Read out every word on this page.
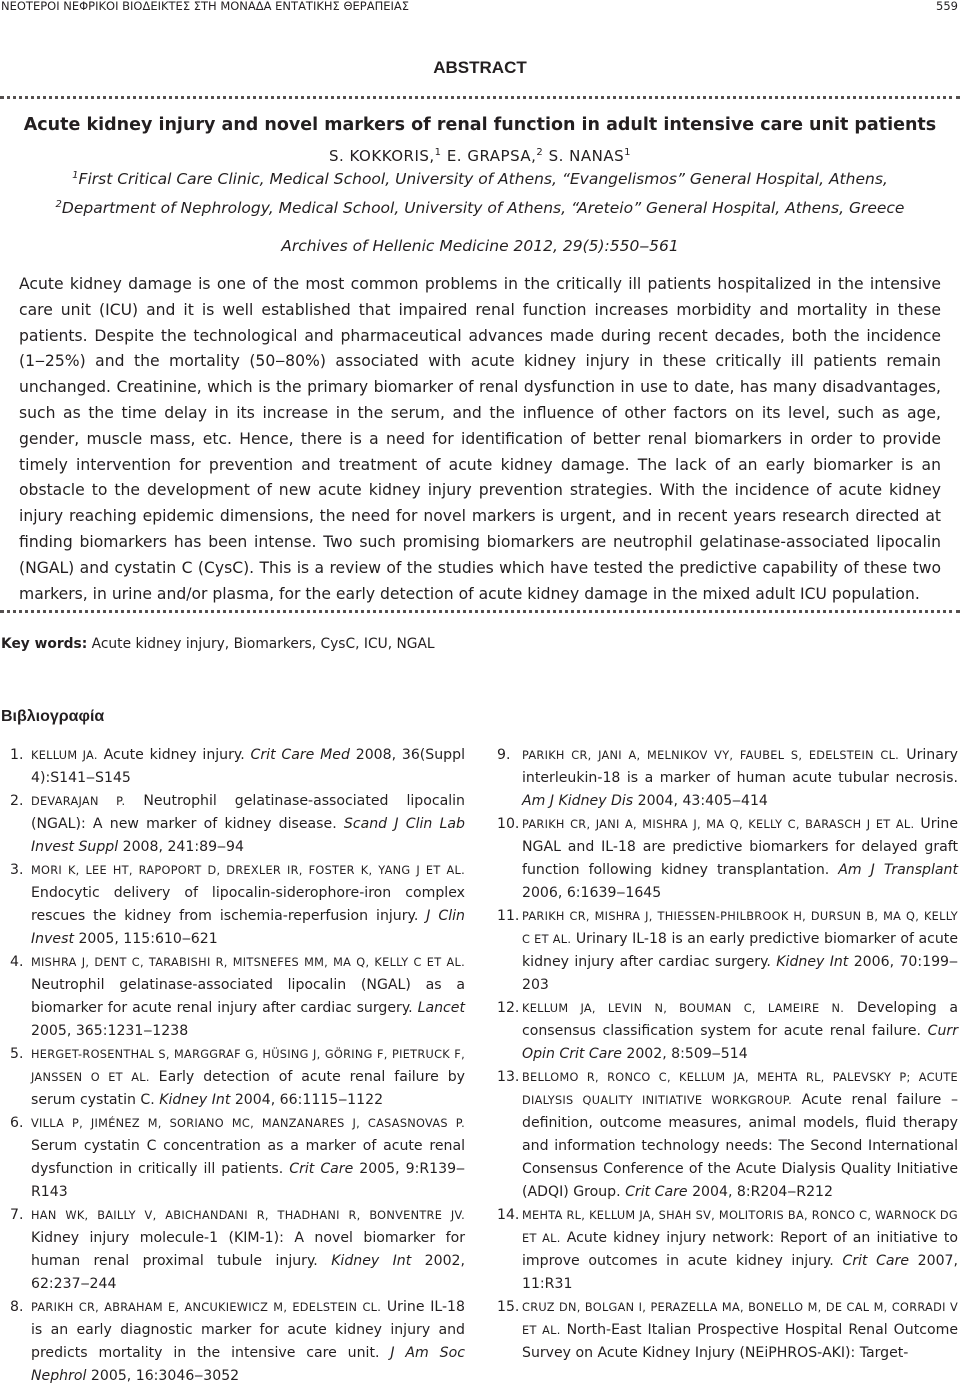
ΝΕΟΤΕΡΟΙ ΝΕΦΡΙΚΟΙ ΒΙΟΔΕΙΚΤΕΣ ΣΤΗ ΜΟΝΑΔΑ ΕΝΤΑΤΙΚΗΣ ΘΕΡΑΠΕΙΑΣ	559
ABSTRACT
Acute kidney injury and novel markers of renal function in adult intensive care unit patients
S. KOKKORIS,$^1$ E. GRAPSA,$^2$ S. NANAS$^1$
$^1$First Critical Care Clinic, Medical School, University of Athens, “Evangelismos” General Hospital, Athens,
$^2$Department of Nephrology, Medical School, University of Athens, “Areteio” General Hospital, Athens, Greece
Archives of Hellenic Medicine 2012, 29(5):550‒561

Acute kidney damage is one of the most common problems in the critically ill patients hospitalized in the intensive care unit (ICU) and it is well established that impaired renal function increases morbidity and mortality in these patients. Despite the technological and pharmaceutical advances made during recent decades, both the incidence (1‒25%) and the mortality (50‒80%) associated with acute kidney injury in these critically ill patients remain unchanged. Creatinine, which is the primary biomarker of renal dysfunction in use to date, has many disadvantages, such as the time delay in its increase in the serum, and the influence of other factors on its level, such as age, gender, muscle mass, etc. Hence, there is a need for identification of better renal biomarkers in order to provide timely intervention for prevention and treatment of acute kidney damage. The lack of an early biomarker is an obstacle to the development of new acute kidney injury prevention strategies. With the incidence of acute kidney injury reaching epidemic dimensions, the need for novel markers is urgent, and in recent years research directed at finding biomarkers has been intense. Two such promising biomarkers are neutrophil gelatinase-associated lipocalin (NGAL) and cystatin C (CysC). This is a review of the studies which have tested the predictive capability of these two markers, in urine and/or plasma, for the early detection of acute kidney damage in the mixed adult ICU population.

Key words: Acute kidney injury, Biomarkers, CysC, ICU, NGAL
Βιβλιογραφία
1. KELLUM JA. Acute kidney injury. Crit Care Med 2008, 36(Suppl 4):S141‒S145
2. DEVARAJAN P. Neutrophil gelatinase-associated lipocalin (NGAL): A new marker of kidney disease. Scand J Clin Lab Invest Suppl 2008, 241:89‒94
3. MORI K, LEE HT, RAPOPORT D, DREXLER IR, FOSTER K, YANG J ET AL. Endocytic delivery of lipocalin-siderophore-iron complex rescues the kidney from ischemia-reperfusion injury. J Clin Invest 2005, 115:610‒621
4. MISHRA J, DENT C, TARABISHI R, MITSNEFES MM, MA Q, KELLY C ET AL. Neutrophil gelatinase-associated lipocalin (NGAL) as a biomarker for acute renal injury after cardiac surgery. Lancet 2005, 365:1231‒1238
5. HERGET-ROSENTHAL S, MARGGRAF G, HÜSING J, GÖRING F, PIETRUCK F, JANSSEN O ET AL. Early detection of acute renal failure by serum cystatin C. Kidney Int 2004, 66:1115‒1122
6. VILLA P, JIMÉNEZ M, SORIANO MC, MANZANARES J, CASASNOVAS P. Serum cystatin C concentration as a marker of acute renal dysfunction in critically ill patients. Crit Care 2005, 9:R139‒R143
7. HAN WK, BAILLY V, ABICHANDANI R, THADHANI R, BONVENTRE JV. Kidney injury molecule-1 (KIM-1): A novel biomarker for human renal proximal tubule injury. Kidney Int 2002, 62:237‒244
8. PARIKH CR, ABRAHAM E, ANCUKIEWICZ M, EDELSTEIN CL. Urine IL-18 is an early diagnostic marker for acute kidney injury and predicts mortality in the intensive care unit. J Am Soc Nephrol 2005, 16:3046‒3052
9. PARIKH CR, JANI A, MELNIKOV VY, FAUBEL S, EDELSTEIN CL. Urinary interleukin-18 is a marker of human acute tubular necrosis. Am J Kidney Dis 2004, 43:405‒414
10. PARIKH CR, JANI A, MISHRA J, MA Q, KELLY C, BARASCH J ET AL. Urine NGAL and IL-18 are predictive biomarkers for delayed graft function following kidney transplantation. Am J Transplant 2006, 6:1639‒1645
11. PARIKH CR, MISHRA J, THIESSEN-PHILBROOK H, DURSUN B, MA Q, KELLY C ET AL. Urinary IL-18 is an early predictive biomarker of acute kidney injury after cardiac surgery. Kidney Int 2006, 70:199‒203
12. KELLUM JA, LEVIN N, BOUMAN C, LAMEIRE N. Developing a consensus classification system for acute renal failure. Curr Opin Crit Care 2002, 8:509‒514
13. BELLOMO R, RONCO C, KELLUM JA, MEHTA RL, PALEVSKY P; ACUTE DIALYSIS QUALITY INITIATIVE WORKGROUP. Acute renal failure – definition, outcome measures, animal models, fluid therapy and information technology needs: The Second International Consensus Conference of the Acute Dialysis Quality Initiative (ADQI) Group. Crit Care 2004, 8:R204‒R212
14. MEHTA RL, KELLUM JA, SHAH SV, MOLITORIS BA, RONCO C, WARNOCK DG ET AL. Acute kidney injury network: Report of an initiative to improve outcomes in acute kidney injury. Crit Care 2007, 11:R31
15. CRUZ DN, BOLGAN I, PERAZELLA MA, BONELLO M, DE CAL M, CORRADI V ET AL. North-East Italian Prospective Hospital Renal Outcome Survey on Acute Kidney Injury (NEiPHROS-AKI): Target-
